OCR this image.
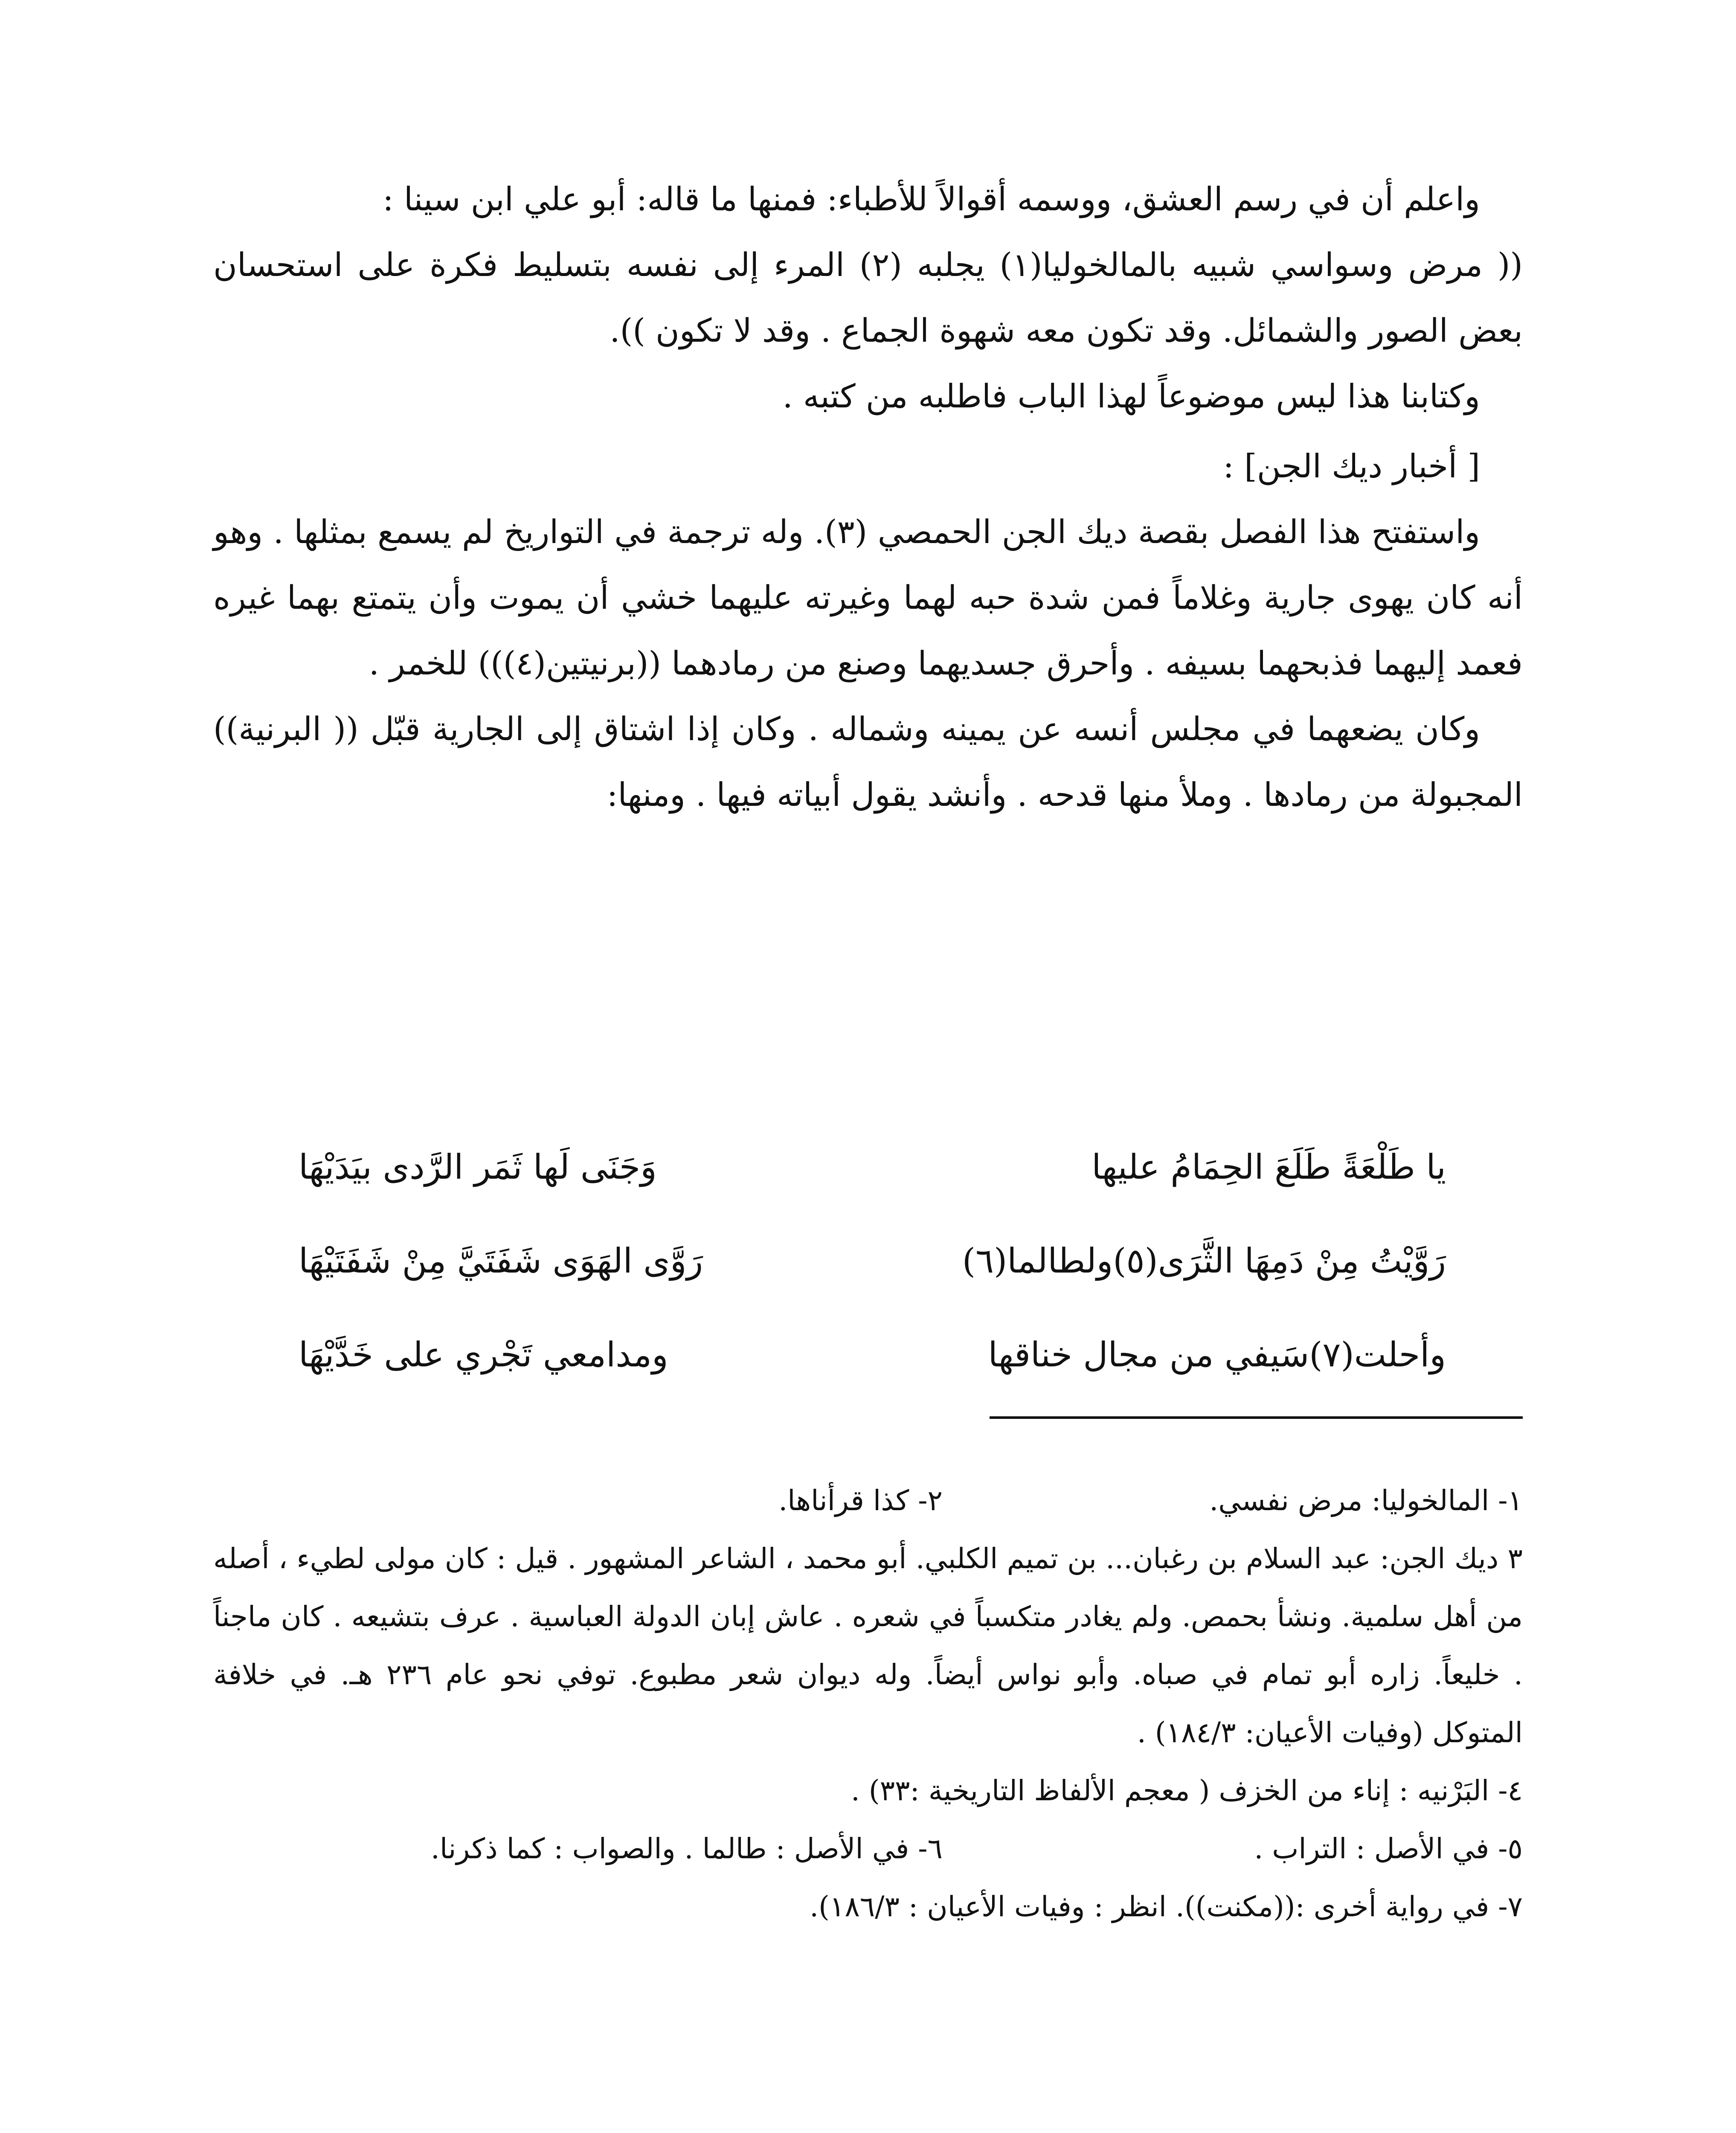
واعلم أن في رسم العشق، ووسمه أقوالاً للأطباء: فمنها ما قاله: أبو علي ابن سينا :

(( مرض وسواسي شبيه بالمالخوليا(١) يجلبه (٢) المرء إلى نفسه بتسليط فكرة على استحسان بعض الصور والشمائل. وقد تكون معه شهوة الجماع . وقد لا تكون )).

وكتابنا هذا ليس موضوعاً لهذا الباب فاطلبه من كتبه .

[ أخبار ديك الجن] :

واستفتح هذا الفصل بقصة ديك الجن الحمصي (٣). وله ترجمة في التواريخ لم يسمع بمثلها . وهو أنه كان يهوى جارية وغلاماً فمن شدة حبه لهما وغيرته عليهما خشي أن يموت وأن يتمتع بهما غيره فعمد إليهما فذبحهما بسيفه . وأحرق جسديهما وصنع من رمادهما ((برنيتين(٤))) للخمر .

وكان يضعهما في مجلس أنسه عن يمينه وشماله . وكان إذا اشتاق إلى الجارية قبّل (( البرنية)) المجبولة من رمادها . وملأ منها قدحه . وأنشد يقول أبياته فيها . ومنها:

يا طَلْعَةً طَلَعَ الحِمَامُ عليها
وَجَنَى لَها ثَمَر الرَّدى بيَدَيْهَا
رَوَّيْتُ مِنْ دَمِهَا الثَّرَى(٥)ولطالما(٦)
رَوَّى الهَوَى شَفَتَيَّ مِنْ شَفَتَيْهَا
وأحلت(٧)سَيفي من مجال خناقها
ومدامعي تَجْري على خَدَّيْهَا
١- المالخوليا: مرض نفسي.
٢- كذا قرأناها.

٣ ديك الجن: عبد السلام بن رغبان... بن تميم الكلبي. أبو محمد ، الشاعر المشهور . قيل : كان مولى لطيء ، أصله من أهل سلمية. ونشأ بحمص. ولم يغادر متكسباً في شعره . عاش إبان الدولة العباسية . عرف بتشيعه . كان ماجناً . خليعاً. زاره أبو تمام في صباه. وأبو نواس أيضاً. وله ديوان شعر مطبوع. توفي نحو عام ٢٣٦ هـ. في خلافة المتوكل (وفيات الأعيان: ١٨٤/٣) .

٤- البَرْنيه : إناء من الخزف ( معجم الألفاظ التاريخية :٣٣) .

٥- في الأصل : التراب .
٦- في الأصل : طالما . والصواب : كما ذكرنا.

٧- في رواية أخرى :((مكنت)). انظر : وفيات الأعيان : ١٨٦/٣).
